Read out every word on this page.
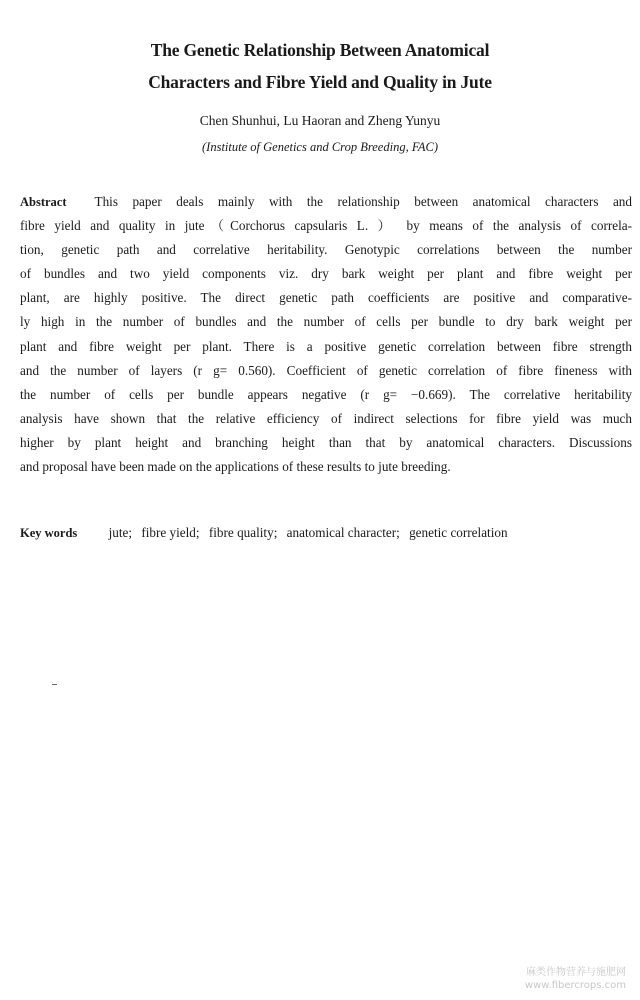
The Genetic Relationship Between Anatomical
Characters and Fibre Yield and Quality in Jute
Chen Shunhui, Lu Haoran and Zheng Yunyu
(Institute of Genetics and Crop Breeding, FAC)
Abstract This paper deals mainly with the relationship between anatomical characters and
fibre yield and quality in jute（Corchorus capsularis L. ） by means of the analysis of correla-
tion, genetic path and correlative heritability. Genotypic correlations between the number
of bundles and two yield components viz. dry bark weight per plant and fibre weight per
plant, are highly positive. The direct genetic path coefficients are positive and comparative-
ly high in the number of bundles and the number of cells per bundle to dry bark weight per
plant and fibre weight per plant. There is a positive genetic correlation between fibre strength
and the number of layers (r g= 0.560). Coefficient of genetic correlation of fibre fineness with
the number of cells per bundle appears negative (r g= −0.669). The correlative heritability
analysis have shown that the relative efficiency of indirect selections for fibre yield was much
higher by plant height and branching height than that by anatomical characters. Discussions
and proposal have been made on the applications of these results to jute breeding.
Key words jute; fibre yield; fibre quality; anatomical character; genetic correlation
麻类作物营养与施肥网
www.fibercrops.com
